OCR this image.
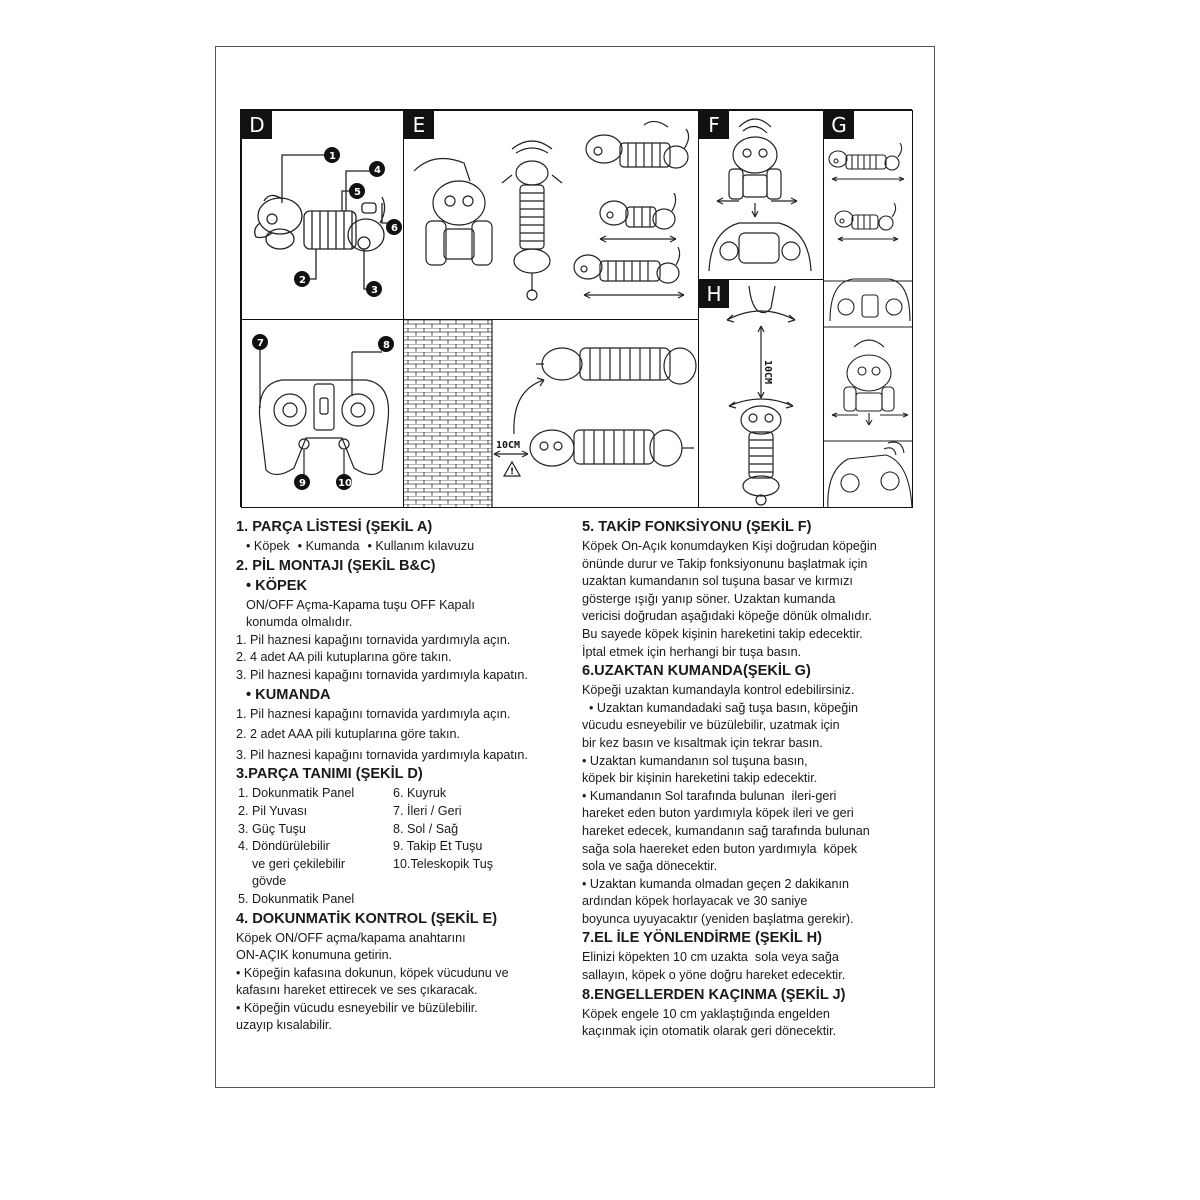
D
1
4
5
6
2
3
E	F	G
H
10CM
7	8
9	10
10CM
!
1. PARÇA LİSTESİ (ŞEKİL A)
• Köpek • Kumanda • Kullanım kılavuzu
2. PİL MONTAJI (ŞEKİL B&C)
• KÖPEK
ON/OFF Açma-Kapama tuşu OFF Kapalı
konumda olmalıdır.
1. Pil haznesi kapağını tornavida yardımıyla açın.
2. 4 adet AA pili kutuplarına göre takın.
3. Pil haznesi kapağını tornavida yardımıyla kapatın.
• KUMANDA
1. Pil haznesi kapağını tornavida yardımıyla açın.
2. 2 adet AAA pili kutuplarına göre takın.
3. Pil haznesi kapağını tornavida yardımıyla kapatın.
3.PARÇA TANIMI (ŞEKİL D)
1. Dokunmatik Panel
2. Pil Yuvası
3. Güç Tuşu
4. Döndürülebilir
ve geri çekilebilir
gövde
5. Dokunmatik Panel
6. Kuyruk
7. İleri / Geri
8. Sol / Sağ
9. Takip Et Tuşu
10.Teleskopik Tuş
4. DOKUNMATİK KONTROL (ŞEKİL E)
Köpek ON/OFF açma/kapama anahtarını
ON-AÇIK konumuna getirin.
• Köpeğin kafasına dokunun, köpek vücudunu ve
kafasını hareket ettirecek ve ses çıkaracak.
• Köpeğin vücudu esneyebilir ve büzülebilir.
uzayıp kısalabilir.
5. TAKİP FONKSİYONU (ŞEKİL F)
Köpek On-Açık konumdayken Kişi doğrudan köpeğin
önünde durur ve Takip fonksiyonunu başlatmak için
uzaktan kumandanın sol tuşuna basar ve kırmızı
gösterge ışığı yanıp söner. Uzaktan kumanda
vericisi doğrudan aşağıdaki köpeğe dönük olmalıdır.
Bu sayede köpek kişinin hareketini takip edecektir.
İptal etmek için herhangi bir tuşa basın.
6.UZAKTAN KUMANDA(ŞEKİL G)
Köpeği uzaktan kumandayla kontrol edebilirsiniz.
• Uzaktan kumandadaki sağ tuşa basın, köpeğin
vücudu esneyebilir ve büzülebilir, uzatmak için
bir kez basın ve kısaltmak için tekrar basın.
• Uzaktan kumandanın sol tuşuna basın,
köpek bir kişinin hareketini takip edecektir.
• Kumandanın Sol tarafında bulunan  ileri-geri
hareket eden buton yardımıyla köpek ileri ve geri
hareket edecek, kumandanın sağ tarafında bulunan
sağa sola haereket eden buton yardımıyla  köpek
sola ve sağa dönecektir.
• Uzaktan kumanda olmadan geçen 2 dakikanın
ardından köpek horlayacak ve 30 saniye
boyunca uyuyacaktır (yeniden başlatma gerekir).
7.EL İLE YÖNLENDİRME (ŞEKİL H)
Elinizi köpekten 10 cm uzakta  sola veya sağa
sallayın, köpek o yöne doğru hareket edecektir.
8.ENGELLERDEN KAÇINMA (ŞEKİL J)
Köpek engele 10 cm yaklaştığında engelden
kaçınmak için otomatik olarak geri dönecektir.
